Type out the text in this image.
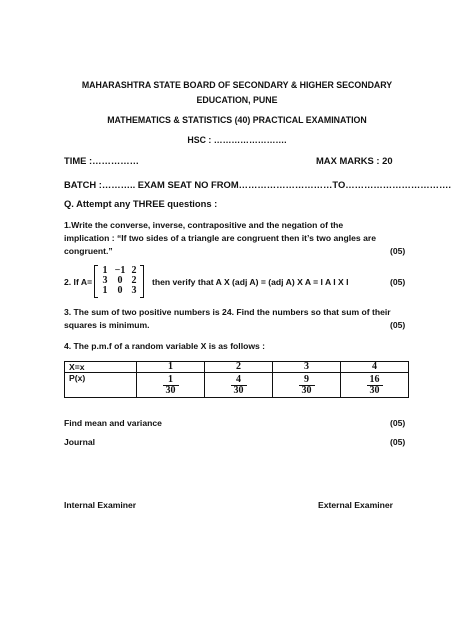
MAHARASHTRA STATE BOARD OF SECONDARY & HIGHER SECONDARY
EDUCATION, PUNE
MATHEMATICS & STATISTICS (40) PRACTICAL EXAMINATION
HSC : …………………….
TIME :……………	MAX MARKS : 20
BATCH :……….. EXAM SEAT NO FROM…………………………TO…………………………….
Q. Attempt any THREE questions :
1.Write the converse, inverse, contrapositive and the negation of the
implication : “If two sides of a triangle are congruent then it’s two angles are
congruent.”	(05)
2. If A=
1 −1 2
3	0 2
1	0 3
then verify that A X (adj A) = (adj A) X A = I A I X I	(05)
3. The sum of two positive numbers is 24. Find the numbers so that sum of their
squares is minimum.	(05)
4. The p.m.f of a random variable X is as follows :
X=x	1	2	3	4
P(x)	$\frac{1}{30}$	$\frac{4}{30}$	$\frac{9}{30}$	$\frac{16}{30}$
Find mean and variance	(05)
Journal	(05)
Internal Examiner	External Examiner
